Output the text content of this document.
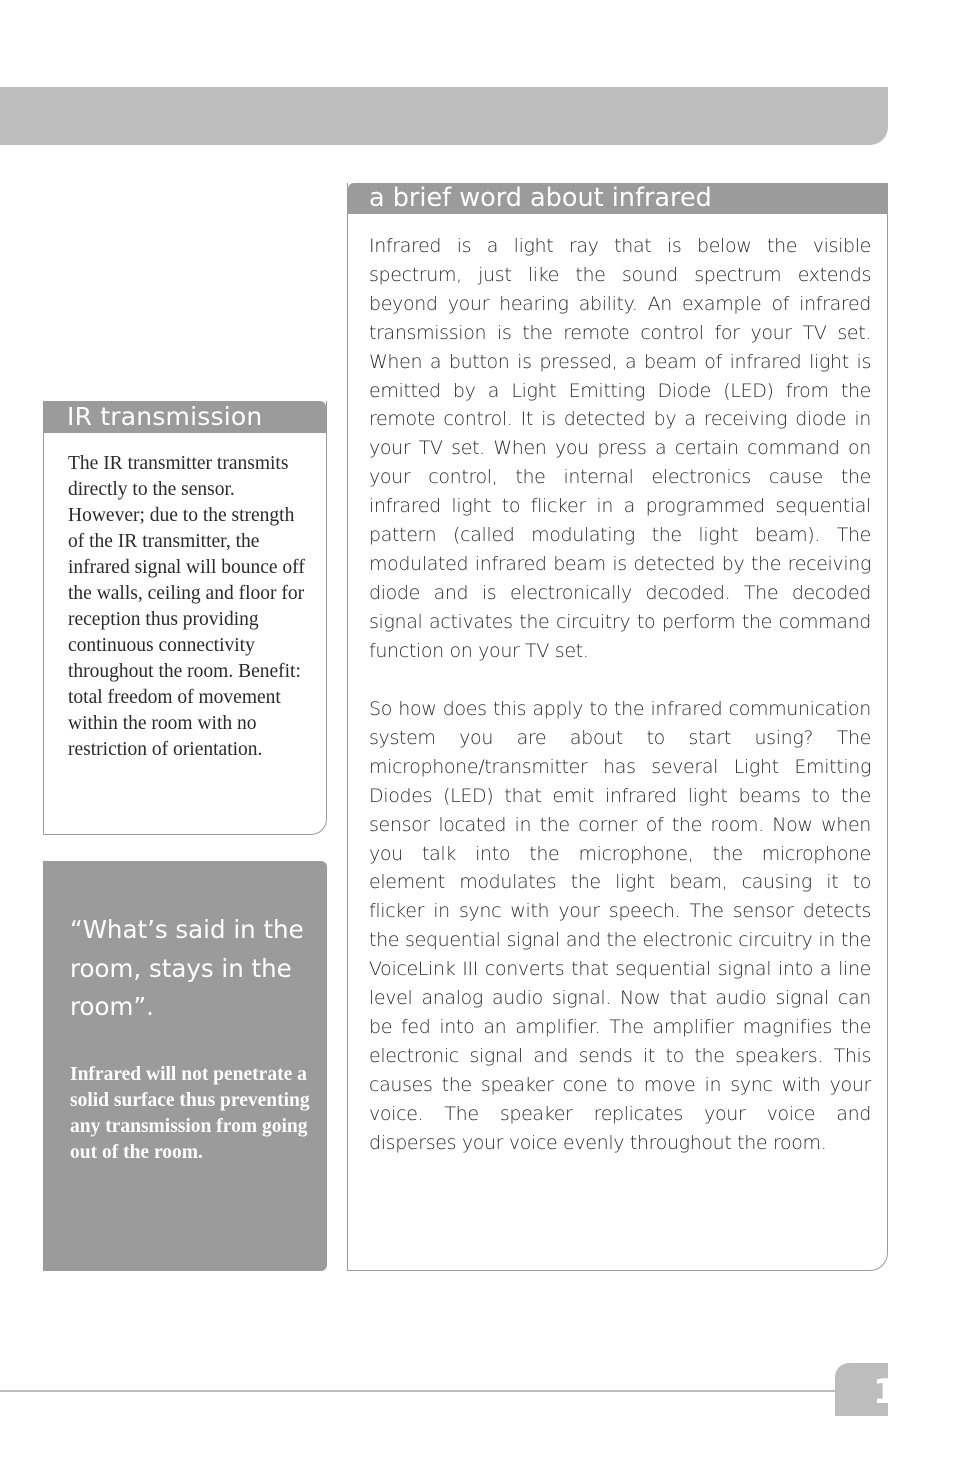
IR transmission

The IR transmitter transmits directly to the sensor. However; due to the strength of the IR transmitter, the infrared signal will bounce off the walls, ceiling and floor for reception thus providing continuous connectivity throughout the room. Benefit: total freedom of movement within the room with no restriction of orientation.

“What’s said in the room, stays in the room”.

Infrared will not penetrate a solid surface thus preventing any transmission from going out of the room.

a brief word about infrared

Infrared is a light ray that is below the visible spectrum, just like the sound spectrum extends beyond your hearing ability. An example of infrared transmission is the remote control for your TV set. When a button is pressed, a beam of infrared light is emitted by a Light Emitting Diode (LED) from the remote control. It is detected by a receiving diode in your TV set. When you press a certain command on your control, the internal electronics cause the infrared light to flicker in a programmed sequential pattern (called modulating the light beam). The modulated infrared beam is detected by the receiving diode and is electronically decoded. The decoded signal activates the circuitry to perform the command function on your TV set.

So how does this apply to the infrared communication system you are about to start using? The microphone/transmitter has several Light Emitting Diodes (LED) that emit infrared light beams to the sensor located in the corner of the room. Now when you talk into the microphone, the microphone element modulates the light beam, causing it to flicker in sync with your speech. The sensor detects the sequential signal and the electronic circuitry in the VoiceLink III converts that sequential signal into a line level analog audio signal. Now that audio signal can be fed into an amplifier. The amplifier magnifies the electronic signal and sends it to the speakers. This causes the speaker cone to move in sync with your voice. The speaker replicates your voice and disperses your voice evenly throughout the room.

1
